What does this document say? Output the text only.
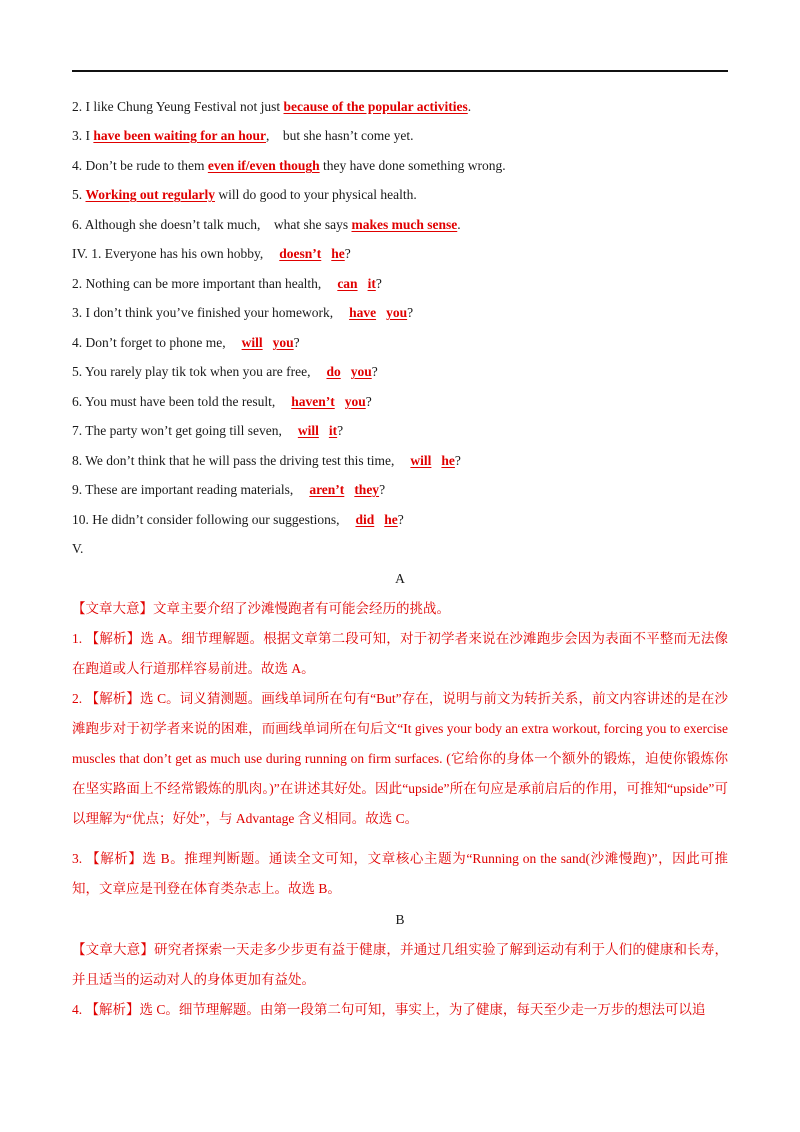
2. I like Chung Yeung Festival not just because of the popular activities.
3. I have been waiting for an hour,    but she hasn’t come yet.
4. Don’t be rude to them even if/even though they have done something wrong.
5. Working out regularly will do good to your physical health.
6. Although she doesn’t talk much,    what she says makes much sense.
IV. 1. Everyone has his own hobby, doesn’t he?
2. Nothing can be more important than health, can it?
3. I don’t think you’ve finished your homework, have you?
4. Don’t forget to phone me, will you?
5. You rarely play tik tok when you are free, do you?
6. You must have been told the result, haven’t you?
7. The party won’t get going till seven, will it?
8. We don’t think that he will pass the driving test this time, will he?
9. These are important reading materials, aren’t they?
10. He didn’t consider following our suggestions, did he?
V.
A
【文章大意】文章主要介绍了沙滩慢跑者有可能会经历的挑战。
1. 【解析】选 A。细节理解题。根据文章第二段可知，对于初学者来说在沙滩跑步会因为表面不平整而无法像在跑道或人行道那样容易前进。故选 A。
2. 【解析】选 C。词义猜测题。画线单词所在句有“But”存在，说明与前文为转折关系，前文内容讲述的是在沙滩跑步对于初学者来说的困难，而画线单词所在句后文“It gives your body an extra workout, forcing you to exercise muscles that don’t get as much use during running on firm surfaces. (它给你的身体一个额外的锻炼，迫使你锻炼你在坚实路面上不经常锻炼的肌肉。)”在讲述其好处。因此“upside”所在句应是承前启后的作用，可推知“upside”可以理解为“优点；好处”，与 Advantage 含义相同。故选 C。
3. 【解析】选 B。推理判断题。通读全文可知，文章核心主题为“Running on the sand(沙滩慢跑)”，因此可推知，文章应是刊登在体育类杂志上。故选 B。
B
【文章大意】研究者探索一天走多少步更有益于健康，并通过几组实验了解到运动有利于人们的健康和长寿，并且适当的运动对人的身体更加有益处。
4. 【解析】选 C。细节理解题。由第一段第二句可知，事实上，为了健康，每天至少走一万步的想法可以追
